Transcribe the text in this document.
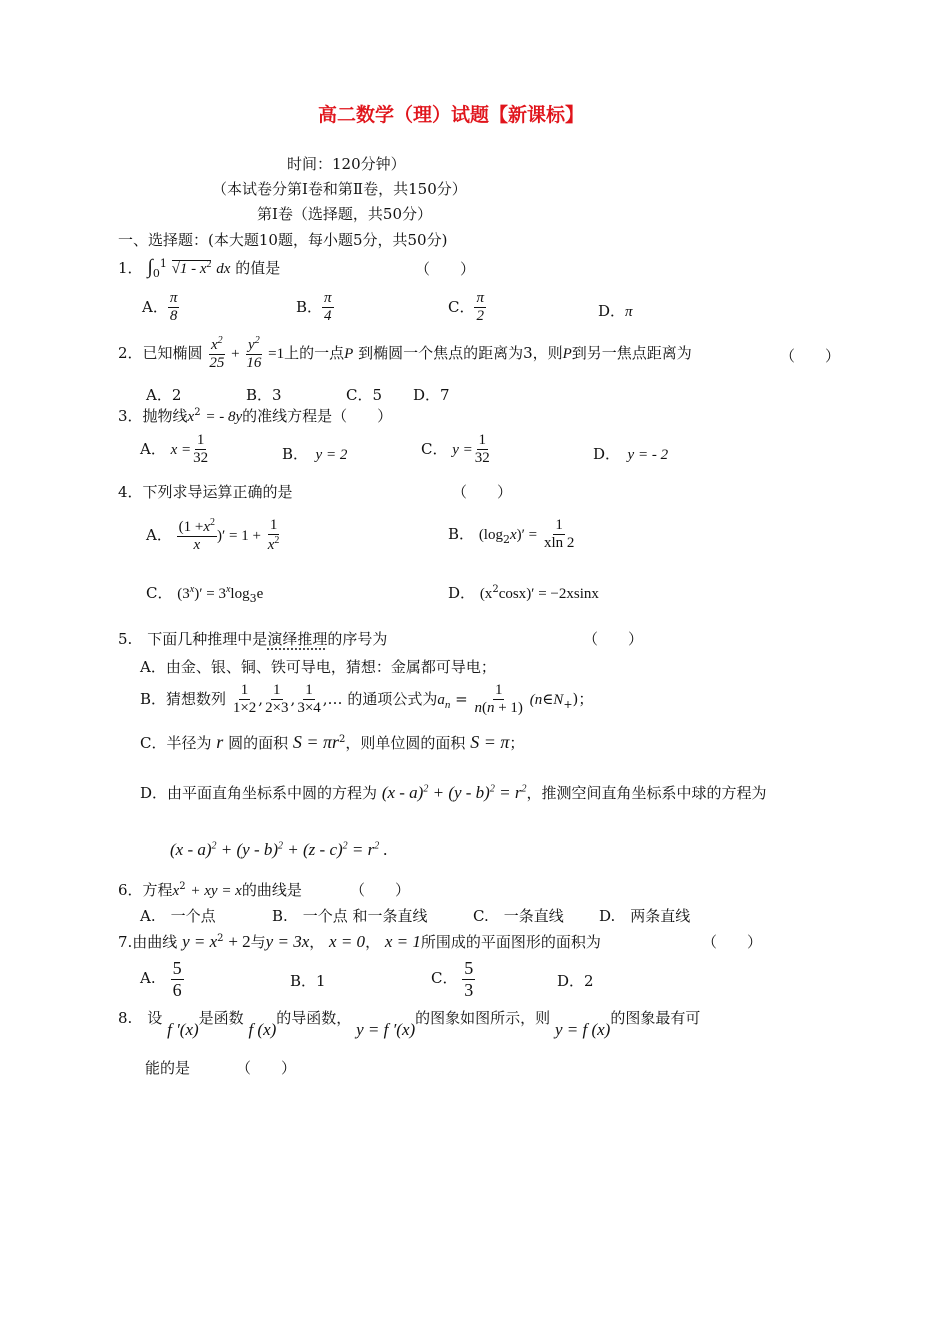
高二数学（理）试题【新课标】
时间：120分钟）
（本试卷分第Ⅰ卷和第Ⅱ卷，共150分）
第Ⅰ卷（选择题，共50分）
一、选择题：(本大题10题，每小题5分，共50分)
1． $\int_0^1$ $√1 - x^2$ dx 的值是	（　　）
A． $\frac{\pi}{8}$	B． $\frac{\pi}{4}$	C． $\frac{\pi}{2}$	D．π
2．已知椭圆 $\frac{x^2}{25} + \frac{y^2}{16} =1$上的一点P 到椭圆一个焦点的距离为3，则P到另一焦点距离为	（　　）
A．2	B．3	C．5 D．7
3．抛物线$x^2$ = - 8y的准线方程是（　　）
A． $x = \frac{1}{32}$	B．　 y = 2	C． $y = \frac{1}{32}$	D．　 y = - 2
4．下列求导运算正确的是	（　　）
A． $\frac{(1 +x^2}{x}$ )′ = $1 + \frac{1}{x^2}$	B． $(\log_2x)' = \frac{1}{xln 2}$
C． $(3^x)' = 3^x\log_3e$	D． $(x^2\cos x)' = -2xsinx$
5.　下面几种推理中是演绎推理的序号为	（　　）
A．由金、银、铜、铁可导电，猜想：金属都可导电；
B．猜想数列 $\frac{1}{1\times 2}$ , $\frac{1}{2\times 3}$ , $\frac{1}{3\times 4}$ ,… 的通项公式为$a_n = \frac{1}{n(n + 1)}$ $(n\in N_+)$；
C．半径为 r 圆的面积 $S = \pi r^2$，则单位圆的面积 S = π；
D．由平面直角坐标系中圆的方程为 $(x - a)^2 + (y - b)^2 = r^2$，推测空间直角坐标系中球的方程为
$(x - a)^2 + (y - b)^2 + (z - c)^2 = r^2$ .
6．方程$x^2$ + xy = x的曲线是	（　　）
A.　一个点	B.　一个点 和一条直线	C.　一条直线 D.　两条直线
7.由曲线 $y = x^2 + 2$与y = 3x， x = 0， x = 1所围成的平面图形的面积为	（　　）
A.　 $\frac{5}{6}$	B．1	C． $\frac{5}{3}$	D．2
8.　设 f ′(x)是函数 f (x)的导函数， y = f ′(x)的图象如图所示，则 y = f (x)的图象最有可
能的是	（　　）
